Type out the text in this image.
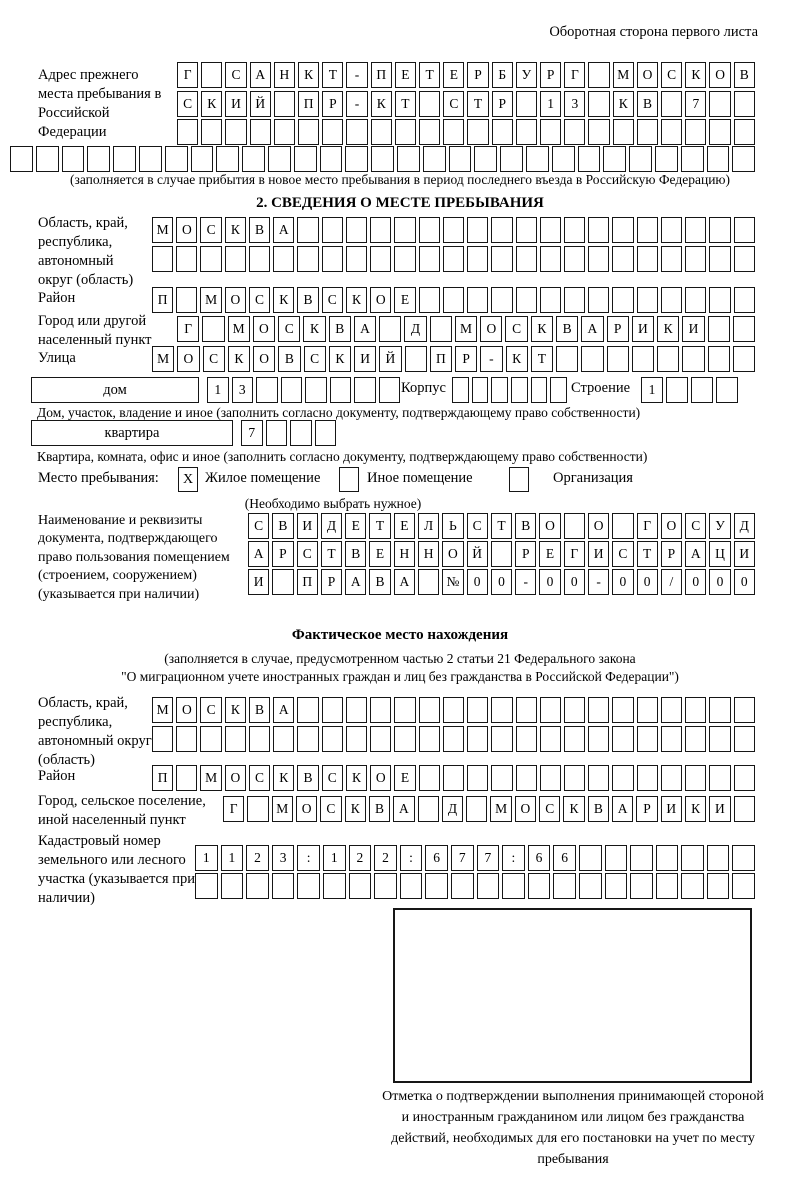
Оборотная сторона первого листа
Адрес прежнего места пребывания в Российской Федерации
Г	С	А	Н	К	Т	-	П	Е	Т	Е	Р	Б	У	Р	Г	М О	С	К	О	В
С	К	И	Й	П	Р	-	К	Т	С	Т	Р	1	3	К	В	7
(заполняется в случае прибытия в новое место пребывания в период последнего въезда в Российскую Федерацию)
2. СВЕДЕНИЯ О МЕСТЕ ПРЕБЫВАНИЯ
Область, край, республика, автономный округ (область)
М О	С	К	В	А
Район	П	М О	С	К	В	С	К	О	Е
Город или другой населенный пункт
Г	М	О	С	К	В	А	Д	М	О	С	К	В	А	Р	И	К	И
Улица	М	О	С	К	О	В	С	К	И	Й	П	Р	-	К	Т
дом	1	3	Корпус	Строение	1
Дом, участок, владение и иное (заполнить согласно документу, подтверждающему право собственности)
квартира	7
Квартира, комната, офис и иное (заполнить согласно документу, подтверждающему право собственности)
Место пребывания:	X Жилое помещение	Иное помещение	Организация
(Необходимо выбрать нужное)
Наименование и реквизиты документа, подтверждающего право пользования помещением (строением, сооружением) (указывается при наличии)
С	В	И	Д	Е	Т	Е	Л	Ь	С	Т	В	О	О	Г	О	С	У	Д
А	Р	С	Т	В	Е	Н	Н	О	Й	Р	Е	Г	И	С	Т	Р	А	Ц	И
И	П	Р	А	В	А	№	0	0	-	0	0	-	0	0	/	0	0	0
Фактическое место нахождения
(заполняется в случае, предусмотренном частью 2 статьи 21 Федерального закона
"О миграционном учете иностранных граждан и лиц без гражданства в Российской Федерации")
Область, край, республика, автономный округ (область)
М О	С	К	В	А
Район	П	М О	С	К	В	С	К	О	Е
Город, сельское поселение, иной населенный пункт
Г	М О	С	К	В	А	Д	М О	С	К	В	А	Р	И	К	И
Кадастровый номер земельного или лесного участка (указывается при наличии)
1	1	2	3	:	1	2	2	:	6	7	7	:	6	6
Отметка о подтверждении выполнения принимающей стороной и иностранным гражданином или лицом без гражданства действий, необходимых для его постановки на учет по месту пребывания
